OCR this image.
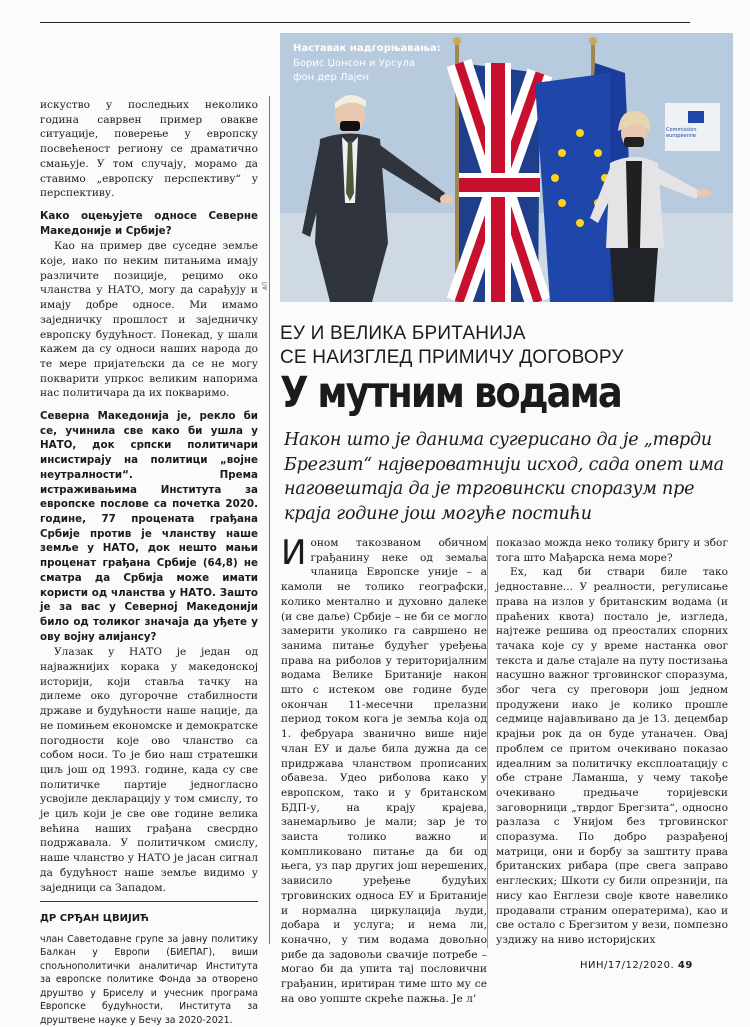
искуство у последњих неколико година саврвен пример овакве ситуације, поверење у европску посвећеност региону се драматично смањује. У том случају, морамо да ставимо „европску перспективу“ у перспективу.

Како оцењујете односе Северне Македоније и Србије?

Као на пример две суседне земље које, иако по неким питањима имају различите позиције, рецимо око чланства у НАТО, могу да сарађују и имају добре односе. Ми имамо заједничку прошлост и заједничку европску будућност. Понекад, у шали кажем да су односи наших народа до те мере пријатељски да се не могу покварити упркос великим напорима нас политичара да их покваримо.

Северна Македонија је, рекло би се, учинила све како би ушла у НАТО, док српски политичари инсистирају на политици „војне неутралности“. Према истраживањима Института за европске послове са почетка 2020. године, 77 процената грађана Србије против је чланству наше земље у НАТО, док нешто мањи проценат грађана Србије (64,8) не сматра да Србија може имати користи од чланства у НАТО. Зашто је за вас у Северној Македонији било од толиког значаја да уђете у ову војну алијансу?

Улазак у НАТО је један од најважнијих корака у македонској историји, који ставља тачку на дилеме око дугорочне стабилности државе и будућности наше нације, да не помињем економске и демократске погодности које ово чланство са собом носи. То је био наш стратешки циљ још од 1993. године, када су све политичке партије једногласно усвојиле декларацију у том смислу, то је циљ који је све ове године велика већина наших грађана свесрдно подржавала. У политичком смислу, наше чланство у НАТО је јасан сигнал да будућност наше земље видимо у заједници са Западом.

ДР СРЂАН ЦВИЈИЋ

члан Саветодавне групе за јавну политику Балкан у Европи (БИЕПАГ), виши спољнополитички аналитичар Института за европске политике Фонда за отворено друштво у Бриселу и учесник програма Европске будућности, Института за друштвене науке у Бечу за 2020-2021.

Наставак надгорњавања:
Борис Џонсон и Урсула
фон дер Лајен
Commission européenne
АП
ЕУ И ВЕЛИКА БРИТАНИЈА
СЕ НАИЗГЛЕД ПРИМИЧУ ДОГОВОРУ
У мутним водама
Након што је данима сугерисано да је „тврди Брегзит“ највероватнији исход, сада опет има наговештаја да је трговински споразум пре краја године још могуће постићи

Ионом такозваном обичном грађанину неке од земаља чланица Европске уније – а камоли не толико географски, колико ментално и духовно далеке (и све даље) Србије – не би се могло замерити уколико га савршено не занима питање будућег уређења права на риболов у територијалним водама Велике Британије након што с истеком ове године буде окончан 11-месечни прелазни период током кога је земља која од 1. фебруара званично више није члан ЕУ и даље била дужна да се придржава чланством прописаних обавеза. Удео риболова како у европском, тако и у британском БДП-у, на крају крајева, занемарљиво је мали; зар је то заиста толико важно и компликовано питање да би од њега, уз пар других још нерешених, зависило уређење будућих трговинских односа ЕУ и Британије и нормална циркулација људи, добара и услуга; и нема ли, коначно, у тим водама довољно рибе да задовољи свачије потребе – могао би да упита тај пословични грађанин, иритиран тиме што му се на ово уопште скреће пажња. Је л’

показао можда неко толику бригу и због тога што Мађарска нема море?

Ех, кад би ствари биле тако једноставне... У реалности, регулисање права на излов у британским водама (и праћених квота) постало је, изгледа, најтеже решива од преосталих спорних тачака које су у време настанка овог текста и даље стајале на путу постизања насушно важног трговинског споразума, због чега су преговори још једном продужени иако је колико прошле седмице најављивано да је 13. децембар крајњи рок да он буде утаначен. Овај проблем се притом очекивано показао идеалним за политичку експлоатацију с обе стране Ламанша, у чему такође очекивано предњаче торијевски заговорници „тврдог Брегзита“, односно разлаза с Унијом без трговинског споразума. По добро разрађеној матрици, они и борбу за заштиту права британских рибара (пре свега заправо енглеских; Шкоти су били опрезнији, па нису као Енглези своје квоте навелико продавали страним оператерима), као и све остало с Брегзитом у вези, помпезно уздижу на ниво историјских

НИН/17/12/2020. 49
